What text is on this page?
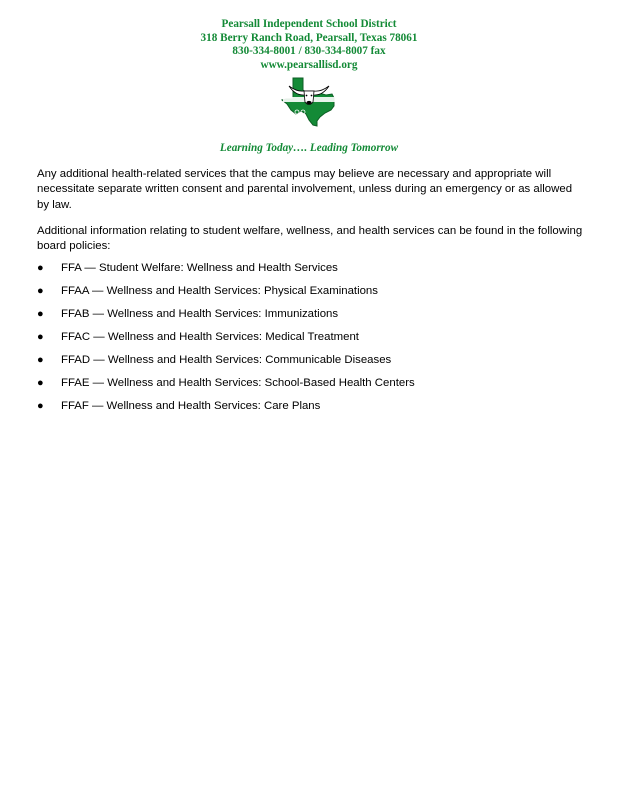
Pearsall Independent School District
318 Berry Ranch Road, Pearsall, Texas 78061
830-334-8001 / 830-334-8007 fax
www.pearsallisd.org
Learning Today…. Leading Tomorrow
Any additional health-related services that the campus may believe are necessary and appropriate will necessitate separate written consent and parental involvement, unless during an emergency or as allowed by law.
Additional information relating to student welfare, wellness, and health services can be found in the following board policies:
● FFA — Student Welfare: Wellness and Health Services
● FFAA — Wellness and Health Services: Physical Examinations
● FFAB — Wellness and Health Services: Immunizations
● FFAC — Wellness and Health Services: Medical Treatment
● FFAD — Wellness and Health Services: Communicable Diseases
● FFAE — Wellness and Health Services: School-Based Health Centers
● FFAF — Wellness and Health Services: Care Plans
